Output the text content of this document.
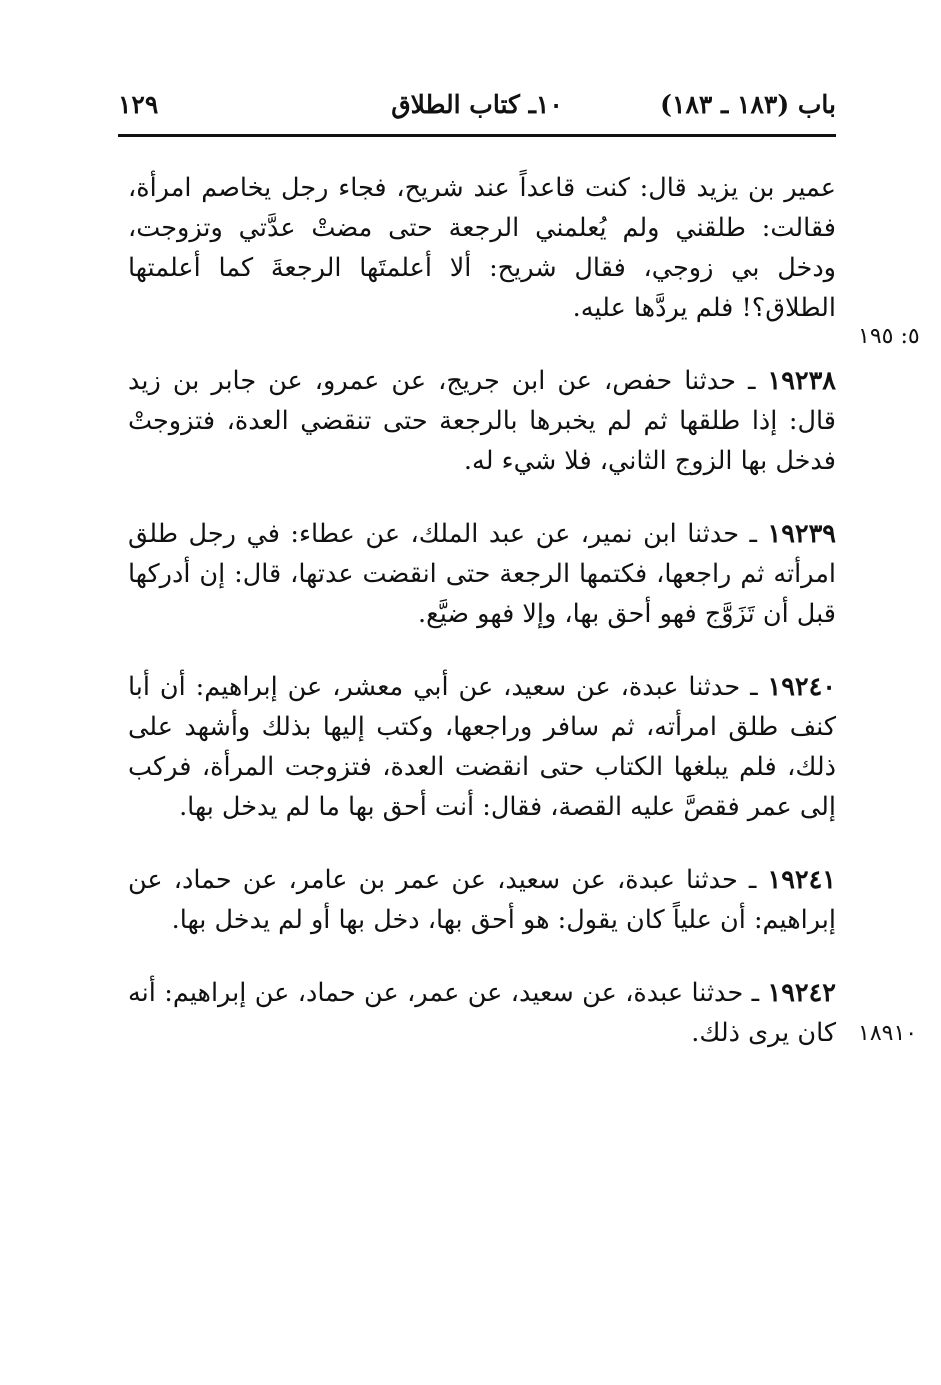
باب (١٨٣ ـ ١٨٣)
١٠ـ كتاب الطلاق
١٢٩
٥: ١٩٥
١٨٩١٠

عمير بن يزيد قال: كنت قاعداً عند شريح، فجاء رجل يخاصم امرأة، فقالت: طلقني ولم يُعلمني الرجعة حتى مضتْ عدَّتي وتزوجت، ودخل بي زوجي، فقال شريح: ألا أعلمتَها الرجعةَ كما أعلمتها الطلاق؟! فلم يردَّها عليه.

١٩٢٣٨ ـ حدثنا حفص، عن ابن جريج، عن عمرو، عن جابر بن زيد قال: إذا طلقها ثم لم يخبرها بالرجعة حتى تنقضي العدة، فتزوجتْ فدخل بها الزوج الثاني، فلا شيء له.

١٩٢٣٩ ـ حدثنا ابن نمير، عن عبد الملك، عن عطاء: في رجل طلق امرأته ثم راجعها، فكتمها الرجعة حتى انقضت عدتها، قال: إن أدركها قبل أن تَزَوَّج فهو أحق بها، وإلا فهو ضيَّع.

١٩٢٤٠ ـ حدثنا عبدة، عن سعيد، عن أبي معشر، عن إبراهيم: أن أبا كنف طلق امرأته، ثم سافر وراجعها، وكتب إليها بذلك وأشهد على ذلك، فلم يبلغها الكتاب حتى انقضت العدة، فتزوجت المرأة، فركب إلى عمر فقصَّ عليه القصة، فقال: أنت أحق بها ما لم يدخل بها.

١٩٢٤١ ـ حدثنا عبدة، عن سعيد، عن عمر بن عامر، عن حماد، عن إبراهيم: أن علياً كان يقول: هو أحق بها، دخل بها أو لم يدخل بها.

١٩٢٤٢ ـ حدثنا عبدة، عن سعيد، عن عمر، عن حماد، عن إبراهيم: أنه كان يرى ذلك.
